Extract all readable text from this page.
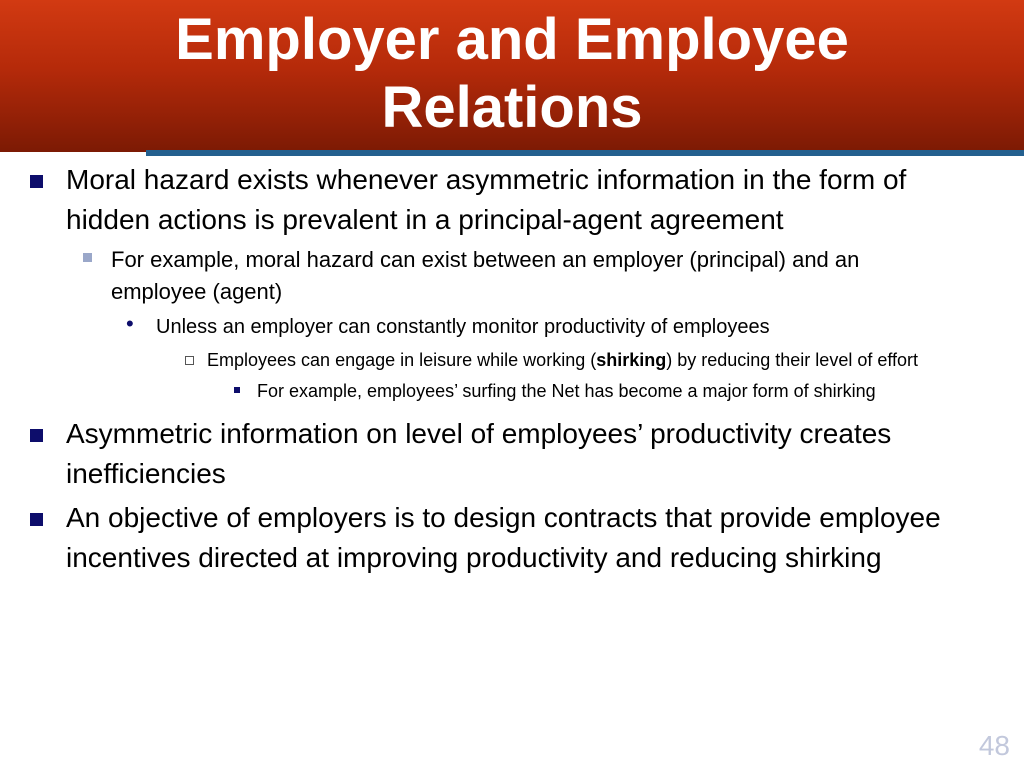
Employer and Employee
Relations
Moral hazard exists whenever asymmetric information in the form of hidden actions is prevalent in a principal-agent agreement
For example, moral hazard can exist between an employer (principal) and an employee (agent)
• Unless an employer can constantly monitor productivity of employees
Employees can engage in leisure while working (shirking) by reducing their level of effort
For example, employees’ surfing the Net has become a major form of shirking
Asymmetric information on level of employees’ productivity creates inefficiencies
An objective of employers is to design contracts that provide employee incentives directed at improving productivity and reducing shirking
48
